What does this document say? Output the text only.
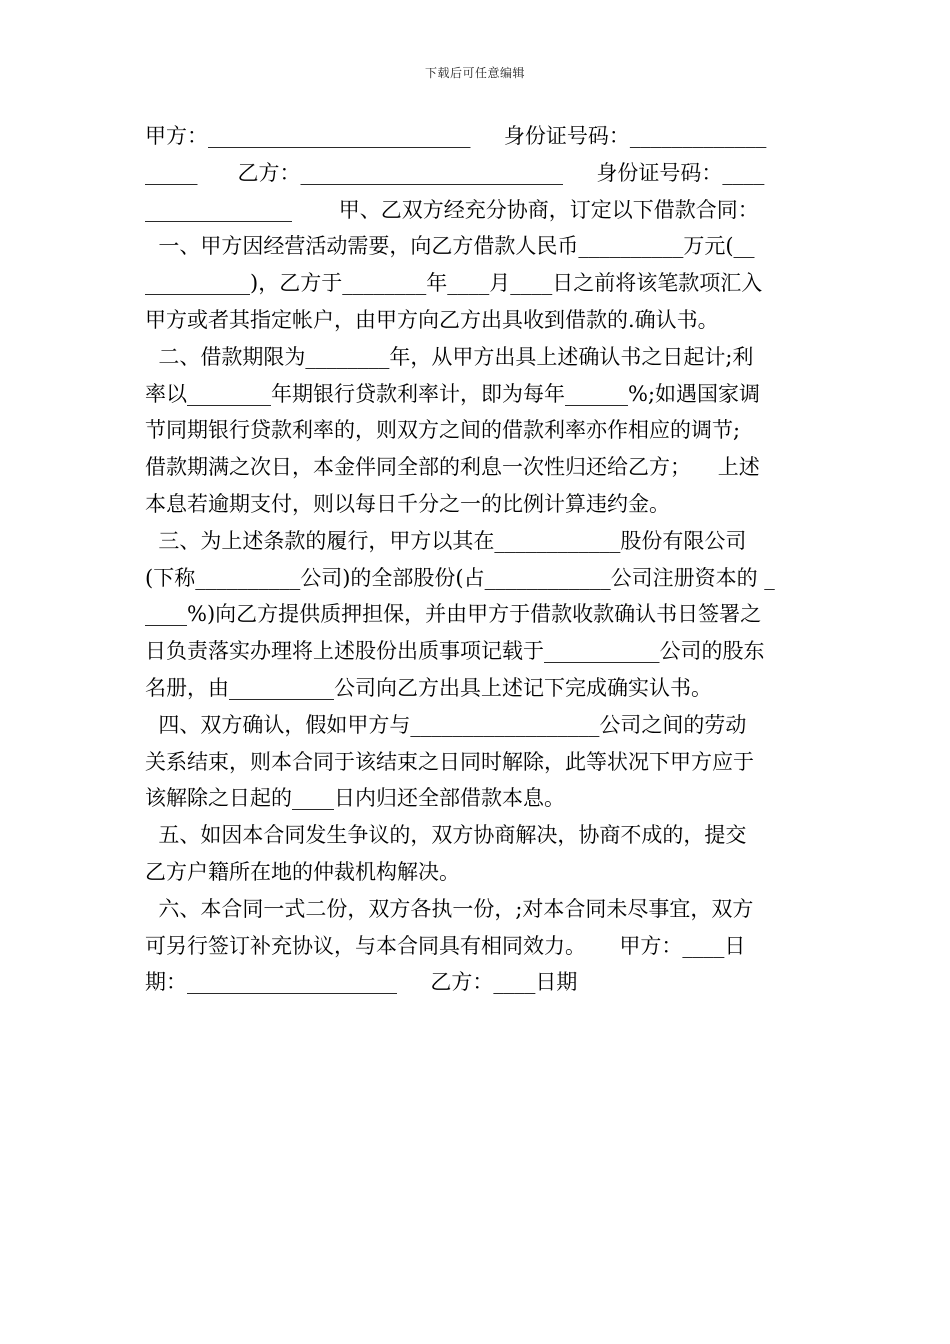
下载后可任意编辑
甲方：_________________________     身份证号码：_____________
_____      乙方：_________________________     身份证号码：____
______________       甲、乙双方经充分协商，订定以下借款合同：
一、甲方因经营活动需要，向乙方借款人民币__________万元(__
__________)，乙方于________年____月____日之前将该笔款项汇入
甲方或者其指定帐户，由甲方向乙方出具收到借款的.确认书。
二、借款期限为________年，从甲方出具上述确认书之日起计;利
率以________年期银行贷款利率计，即为每年______%;如遇国家调
节同期银行贷款利率的，则双方之间的借款利率亦作相应的调节;
借款期满之次日，本金伴同全部的利息一次性归还给乙方；    上述
本息若逾期支付，则以每日千分之一的比例计算违约金。
三、为上述条款的履行，甲方以其在____________股份有限公司
(下称__________公司)的全部股份(占____________公司注册资本的 _
____%)向乙方提供质押担保，并由甲方于借款收款确认书日签署之
日负责落实办理将上述股份出质事项记载于___________公司的股东
名册，由__________公司向乙方出具上述记下完成确实认书。
四、双方确认，假如甲方与__________________公司之间的劳动
关系结束，则本合同于该结束之日同时解除，此等状况下甲方应于
该解除之日起的____日内归还全部借款本息。
五、如因本合同发生争议的，双方协商解决，协商不成的，提交
乙方户籍所在地的仲裁机构解决。
六、本合同一式二份，双方各执一份，;对本合同未尽事宜，双方
可另行签订补充协议，与本合同具有相同效力。     甲方：____日
期：____________________     乙方：____日期
